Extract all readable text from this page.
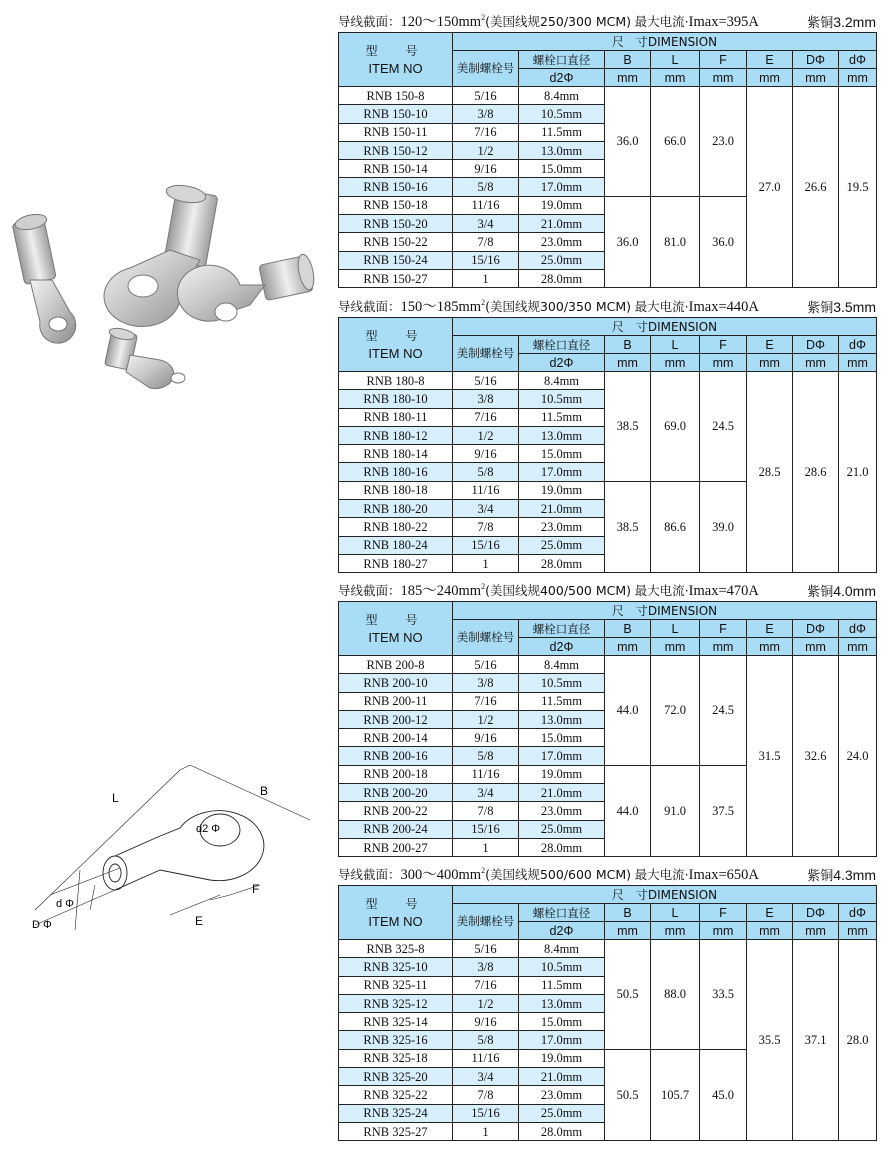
L	B
d2 Φ
d Φ
D Φ
F
E
导线截面：$120\sim 150mm^2$(美国线规250/300 MCM) 最大电流·Imax=395A	紫铜3.2mm
型　号
ITEM NO	尺　寸DIMENSION							
	美制螺栓号	螺栓口直径	B	L	F	E	DΦ	dΦ
		d2Φ	mm	mm	mm	mm	mm	mm
RNB 150-8	5/16	8.4mm	36.0	66.0	23.0	27.0	26.6	19.5
RNB 150-10	3/8	10.5mm						
RNB 150-11	7/16	11.5mm						
RNB 150-12	1/2	13.0mm						
RNB 150-14	9/16	15.0mm						
RNB 150-16	5/8	17.0mm						
RNB 150-18	11/16	19.0mm	36.0	81.0	36.0			
RNB 150-20	3/4	21.0mm						
RNB 150-22	7/8	23.0mm						
RNB 150-24	15/16	25.0mm						
RNB 150-27	1	28.0mm						
导线截面：$150\sim 185mm^2$(美国线规300/350 MCM) 最大电流·Imax=440A	紫铜3.5mm
型　号
ITEM NO	尺　寸DIMENSION							
	美制螺栓号	螺栓口直径	B	L	F	E	DΦ	dΦ
		d2Φ	mm	mm	mm	mm	mm	mm
RNB 180-8	5/16	8.4mm	38.5	69.0	24.5	28.5	28.6	21.0
RNB 180-10	3/8	10.5mm						
RNB 180-11	7/16	11.5mm						
RNB 180-12	1/2	13.0mm						
RNB 180-14	9/16	15.0mm						
RNB 180-16	5/8	17.0mm						
RNB 180-18	11/16	19.0mm	38.5	86.6	39.0			
RNB 180-20	3/4	21.0mm						
RNB 180-22	7/8	23.0mm						
RNB 180-24	15/16	25.0mm						
RNB 180-27	1	28.0mm						
导线截面：$185\sim 240mm^2$(美国线规400/500 MCM) 最大电流·Imax=470A	紫铜4.0mm
型　号
ITEM NO	尺　寸DIMENSION							
	美制螺栓号	螺栓口直径	B	L	F	E	DΦ	dΦ
		d2Φ	mm	mm	mm	mm	mm	mm
RNB 200-8	5/16	8.4mm	44.0	72.0	24.5	31.5	32.6	24.0
RNB 200-10	3/8	10.5mm						
RNB 200-11	7/16	11.5mm						
RNB 200-12	1/2	13.0mm						
RNB 200-14	9/16	15.0mm						
RNB 200-16	5/8	17.0mm						
RNB 200-18	11/16	19.0mm	44.0	91.0	37.5			
RNB 200-20	3/4	21.0mm						
RNB 200-22	7/8	23.0mm						
RNB 200-24	15/16	25.0mm						
RNB 200-27	1	28.0mm						
导线截面：$300\sim 400mm^2$(美国线规500/600 MCM) 最大电流·Imax=650A	紫铜4.3mm
型　号
ITEM NO	尺　寸DIMENSION							
	美制螺栓号	螺栓口直径	B	L	F	E	DΦ	dΦ
		d2Φ	mm	mm	mm	mm	mm	mm
RNB 325-8	5/16	8.4mm	50.5	88.0	33.5	35.5	37.1	28.0
RNB 325-10	3/8	10.5mm						
RNB 325-11	7/16	11.5mm						
RNB 325-12	1/2	13.0mm						
RNB 325-14	9/16	15.0mm						
RNB 325-16	5/8	17.0mm						
RNB 325-18	11/16	19.0mm	50.5	105.7	45.0			
RNB 325-20	3/4	21.0mm						
RNB 325-22	7/8	23.0mm						
RNB 325-24	15/16	25.0mm						
RNB 325-27	1	28.0mm						
